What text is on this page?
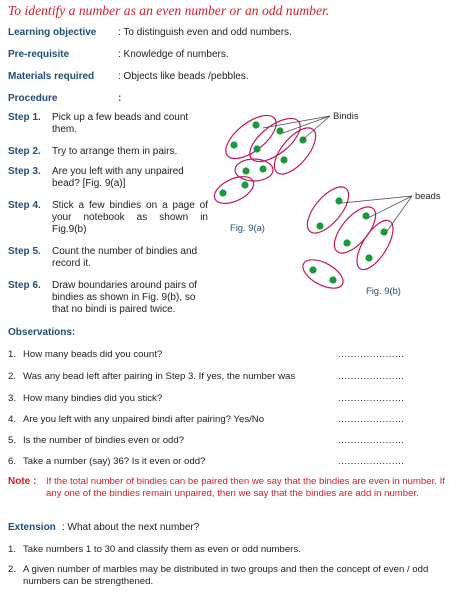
To identify a number as an even number or an odd number.
Learning objective : To distinguish even and odd numbers.
Pre-requisite	: Knowledge of numbers.
Materials required : Objects like beads /pebbles.
Procedure	:
Step 1. Pick up a few beads and count them.
Step 2. Try to arrange them in pairs.
Step 3. Are you left with any unpaired bead? [Fig. 9(a)]
Step 4. Stick a few bindies on a page of your notebook as shown in Fig.9(b)
Step 5. Count the number of bindies and record it.
Step 6. Draw boundaries around pairs of bindies as shown in Fig. 9(b), so that no bindi is paired twice.
Bindis
beads
Fig. 9(a)
Fig. 9(b)
Observations:
1. How many beads did you count?	.....................
2. Was any bead left after pairing in Step 3. If yes, the number was	.....................
3. How many bindies did you stick?	.....................
4. Are you left with any unpaired bindi after pairing? Yes/No	.....................
5. Is the number of bindies even or odd?	.....................
6. Take a number (say) 36? Is it even or odd?	.....................
Note : If the total number of bindies can be paired then we say that the bindies are even in number. If any one of the bindies remain unpaired, then we say that the bindies are add in number.
Extension : What about the next number?
1. Take numbers 1 to 30 and classify them as even or odd numbers.
2. A given number of marbles may be distributed in two groups and then the concept of even / odd numbers can be strengthened.
